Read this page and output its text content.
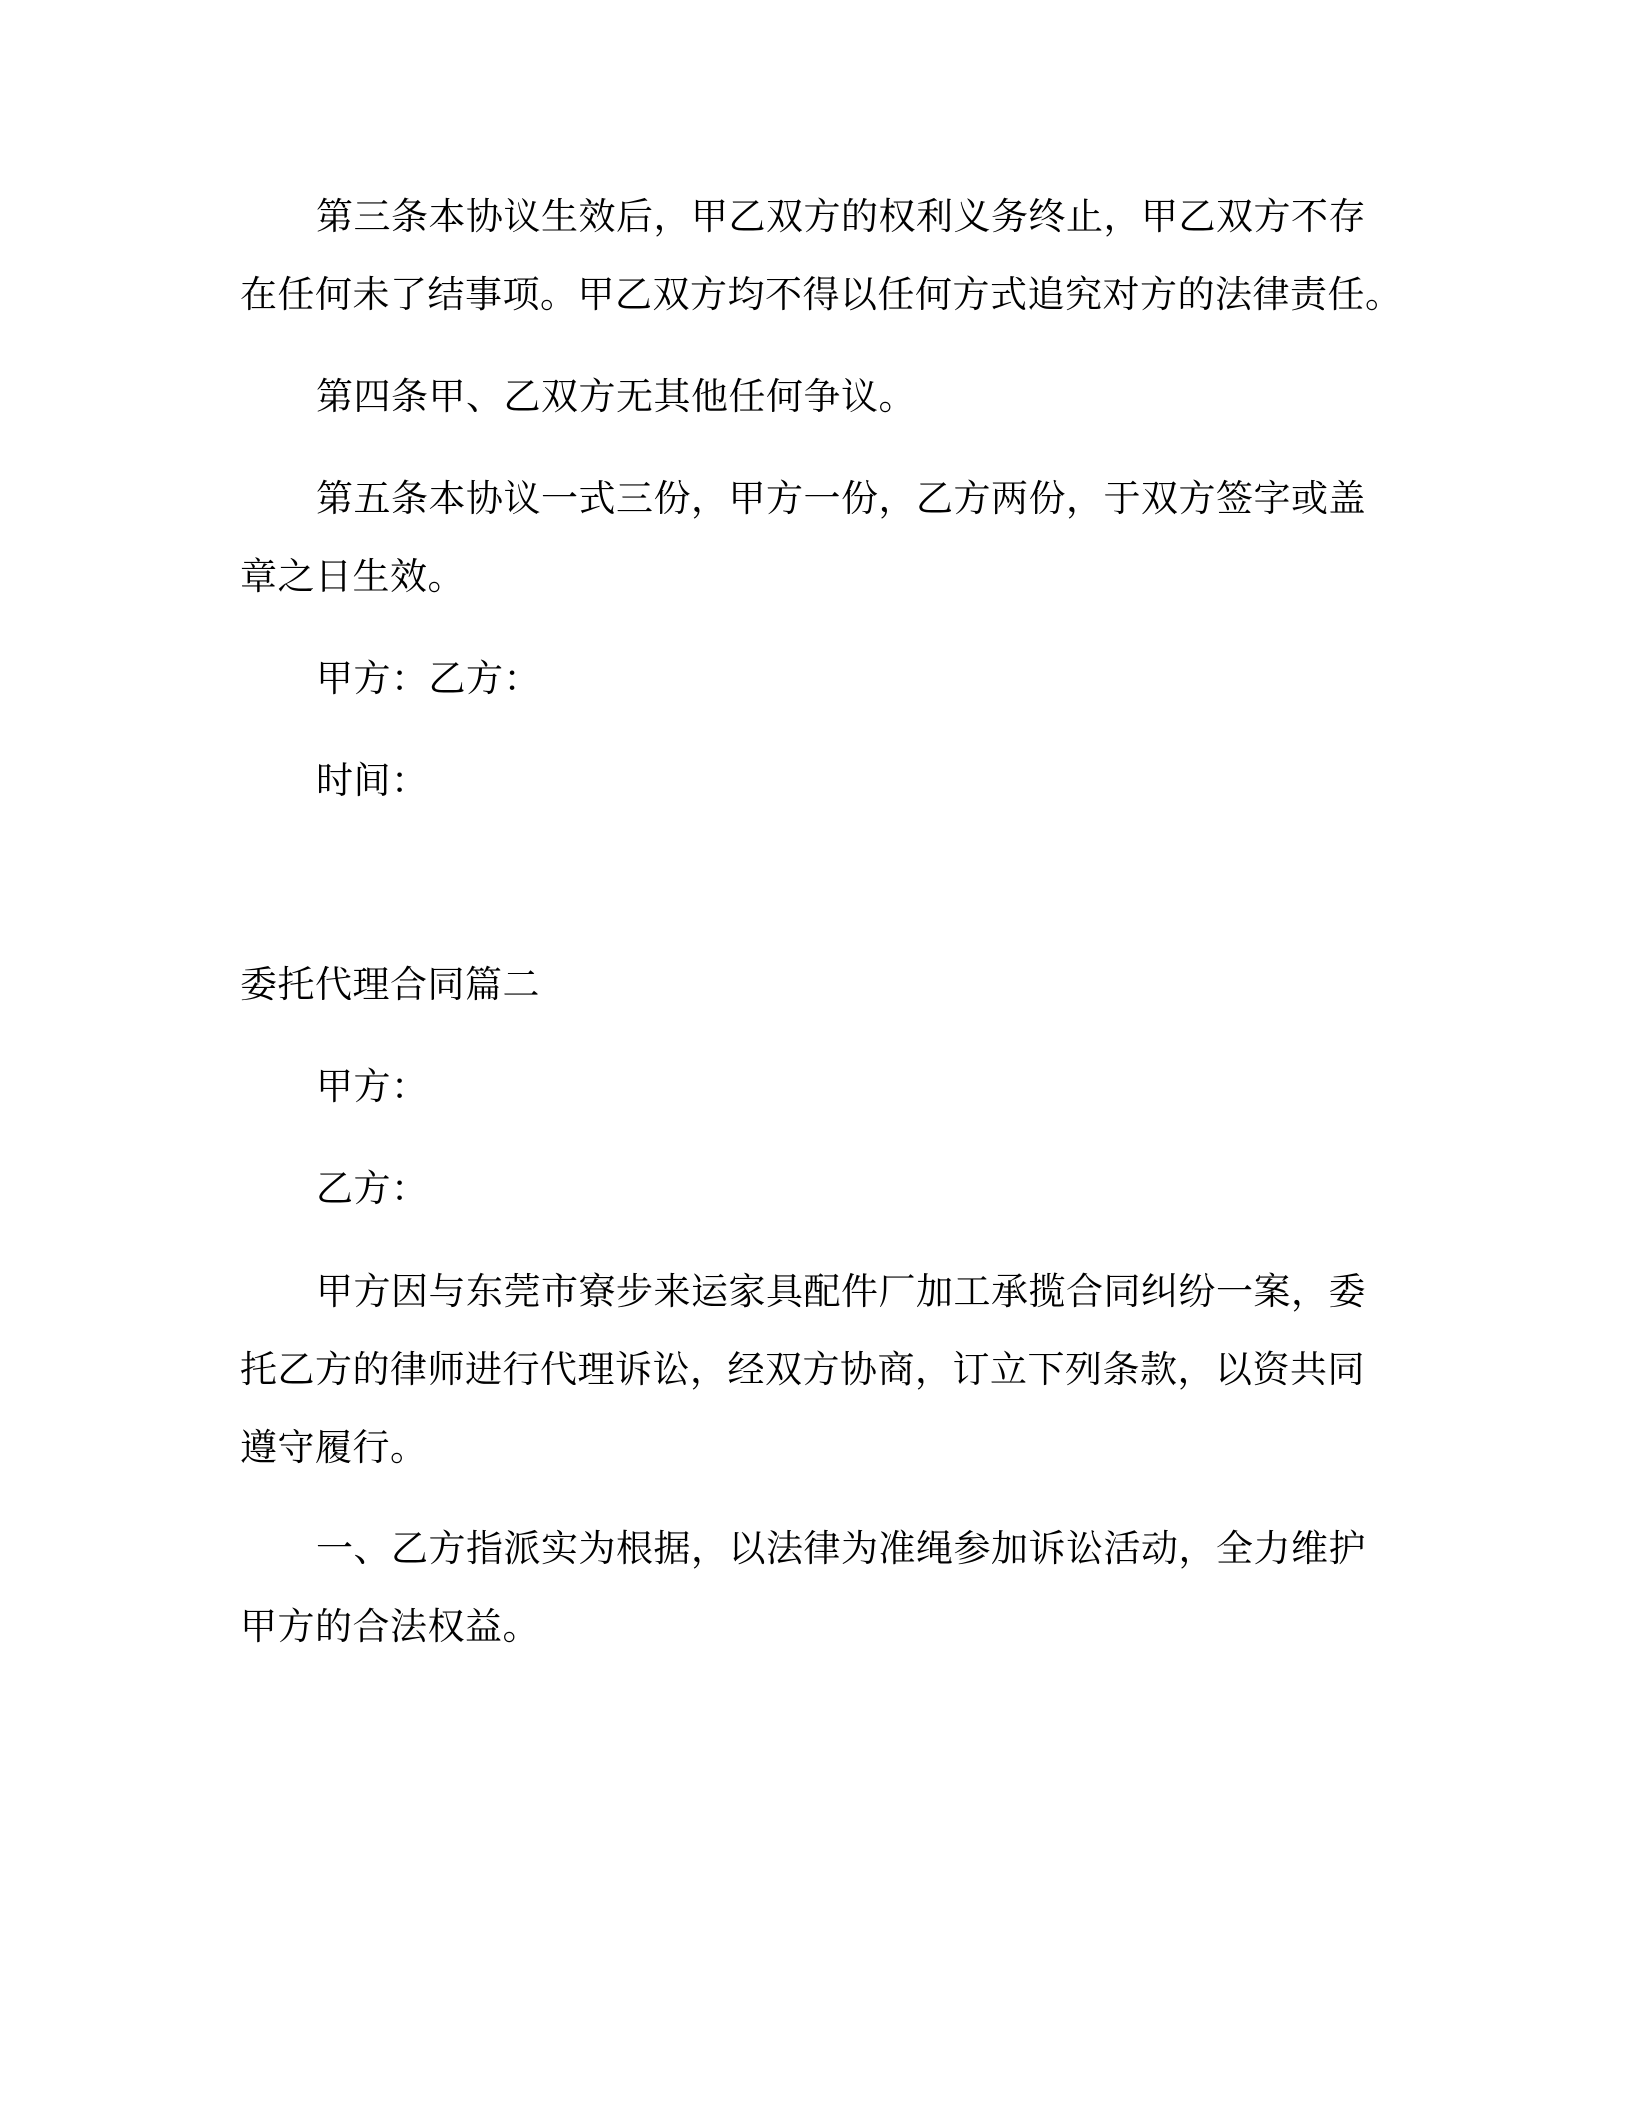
第三条本协议生效后，甲乙双方的权利义务终止，甲乙双方不存
在任何未了结事项。甲乙双方均不得以任何方式追究对方的法律责任。
第四条甲、乙双方无其他任何争议。
第五条本协议一式三份，甲方一份，乙方两份，于双方签字或盖
章之日生效。
甲方：乙方：
时间：
委托代理合同篇二
甲方：
乙方：
甲方因与东莞市寮步来运家具配件厂加工承揽合同纠纷一案，委
托乙方的律师进行代理诉讼，经双方协商，订立下列条款，以资共同
遵守履行。
一、乙方指派实为根据，以法律为准绳参加诉讼活动，全力维护
甲方的合法权益。
